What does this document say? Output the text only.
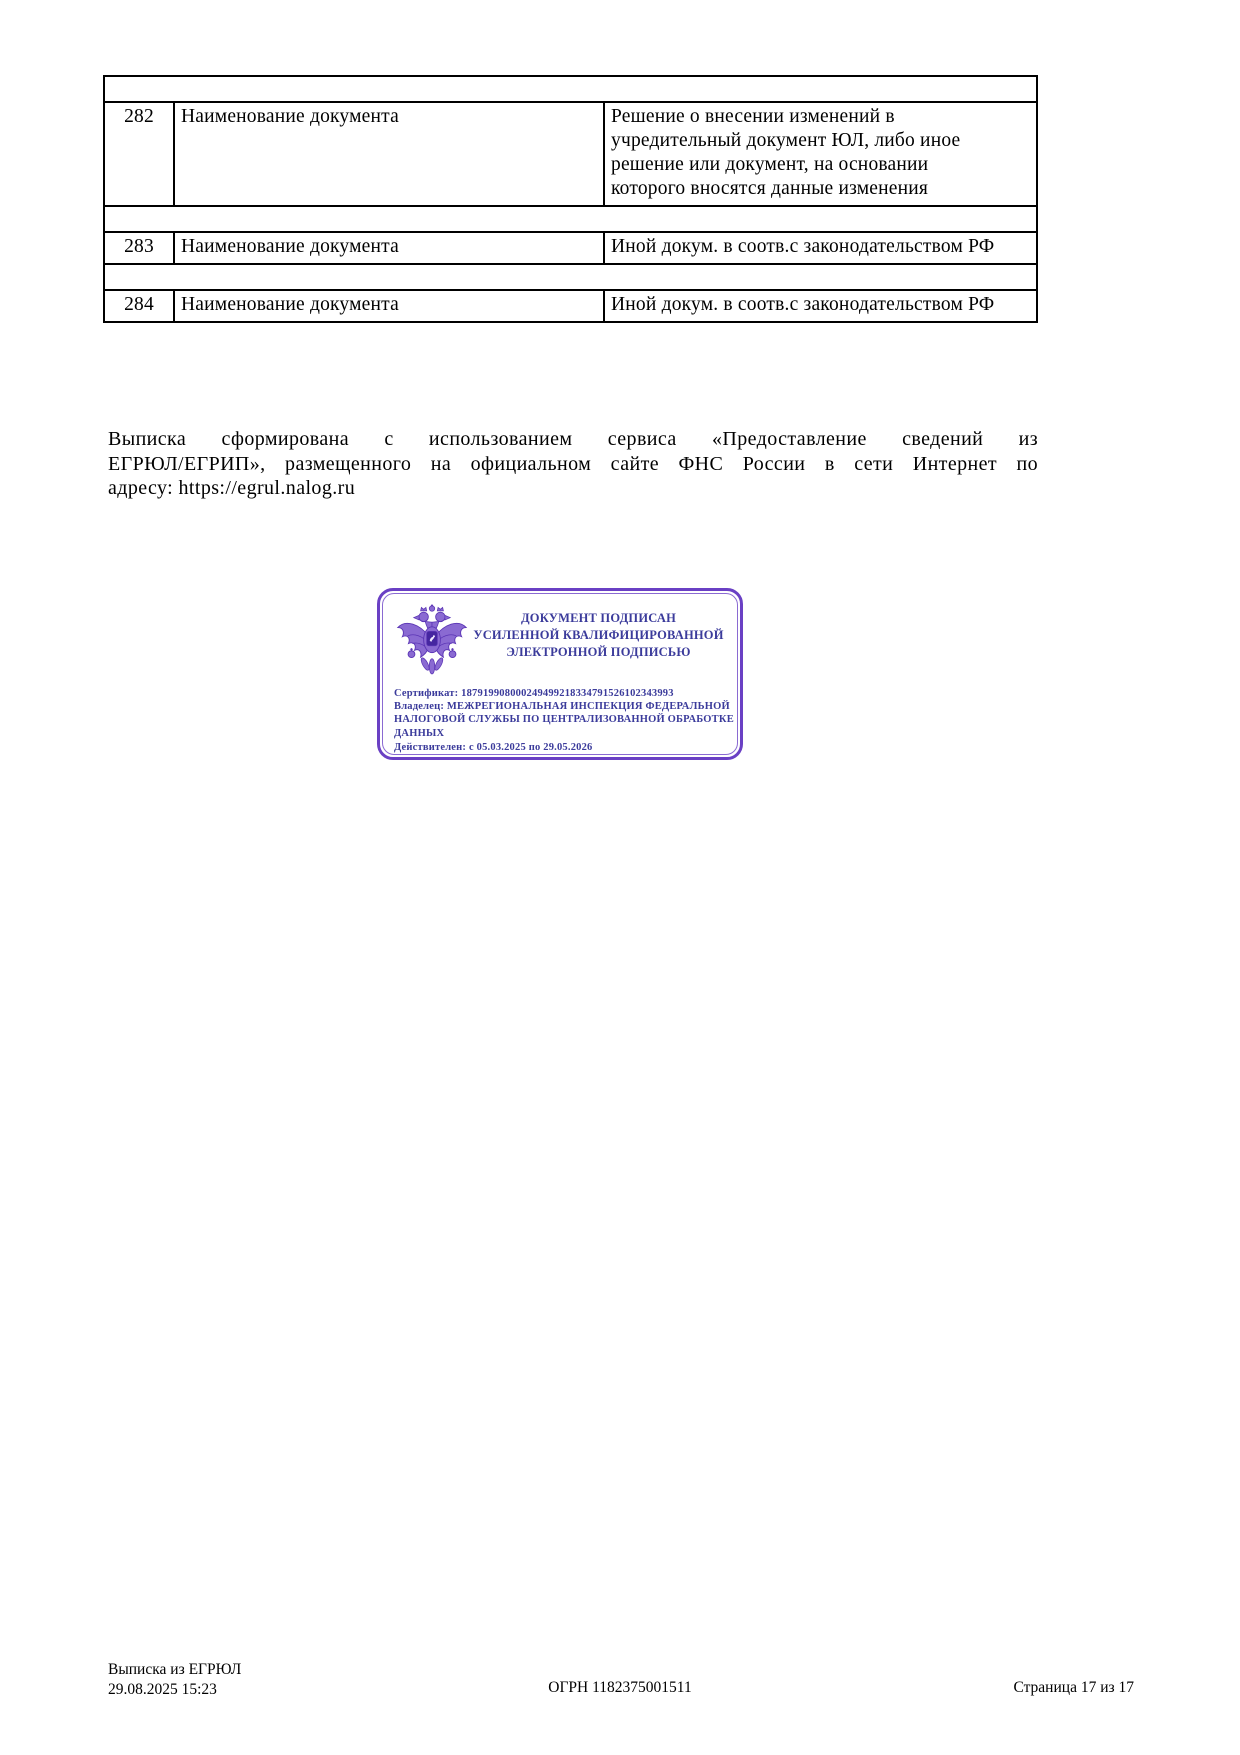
282	Наименование документа	Решение о внесении изменений в учредительный документ ЮЛ, либо иное решение или документ, на основании которого вносятся данные изменения

283	Наименование документа	Иной докум. в соотв.с законодательством РФ

284	Наименование документа	Иной докум. в соотв.с законодательством РФ
Выписка сформирована с использованием сервиса «Предоставление сведений из
ЕГРЮЛ/ЕГРИП», размещенного на официальном сайте ФНС России в сети Интернет по
адресу: https://egrul.nalog.ru
ДОКУМЕНТ ПОДПИСАН
УСИЛЕННОЙ КВАЛИФИЦИРОВАННОЙ
ЭЛЕКТРОННОЙ ПОДПИСЬЮ
Сертификат: 187919908000249499218334791526102343993
Владелец: МЕЖРЕГИОНАЛЬНАЯ ИНСПЕКЦИЯ ФЕДЕРАЛЬНОЙ НАЛОГОВОЙ СЛУЖБЫ ПО ЦЕНТРАЛИЗОВАННОЙ ОБРАБОТКЕ ДАННЫХ
Действителен: с 05.03.2025 по 29.05.2026
Выписка из ЕГРЮЛ
29.08.2025 15:23	ОГРН 1182375001511	Страница 17 из 17
